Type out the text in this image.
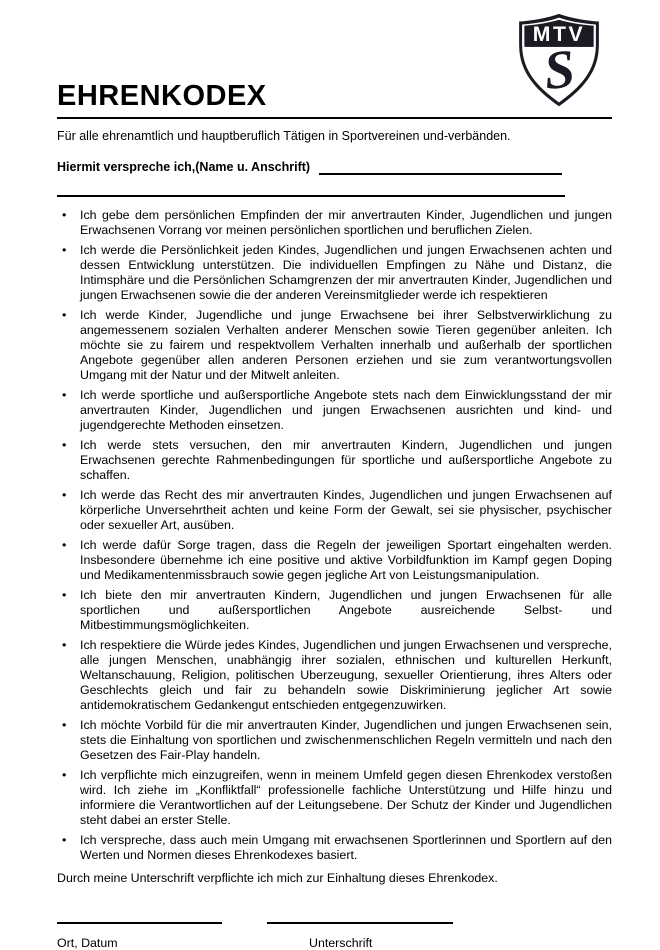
S
MTV
EHRENKODEX

Für alle ehrenamtlich und hauptberuflich Tätigen in Sportvereinen und-verbänden.

Hiermit verspreche ich,(Name u. Anschrift)
• Ich gebe dem persönlichen Empfinden der mir anvertrauten Kinder, Jugendlichen und jungen Erwachsenen Vorrang vor meinen persönlichen sportlichen und beruflichen Zielen.
• Ich werde die Persönlichkeit jeden Kindes, Jugendlichen und jungen Erwachsenen achten und dessen Entwicklung unterstützen. Die individuellen Empfingen zu Nähe und Distanz, die Intimsphäre und die Persönlichen Schamgrenzen der mir anvertrauten Kinder, Jugendlichen und jungen Erwachsenen sowie die der anderen Vereinsmitglieder werde ich respektieren
• Ich werde Kinder, Jugendliche und junge Erwachsene bei ihrer Selbstverwirklichung zu angemessenem sozialen Verhalten anderer Menschen sowie Tieren gegenüber anleiten. Ich möchte sie zu fairem und respektvollem Verhalten innerhalb und außerhalb der sportlichen Angebote gegenüber allen anderen Personen erziehen und sie zum verantwortungsvollen Umgang mit der Natur und der Mitwelt anleiten.
• Ich werde sportliche und außersportliche Angebote stets nach dem Einwicklungsstand der mir anvertrauten Kinder, Jugendlichen und jungen Erwachsenen ausrichten und kind- und jugendgerechte Methoden einsetzen.
• Ich werde stets versuchen, den mir anvertrauten Kindern, Jugendlichen und jungen Erwachsenen gerechte Rahmenbedingungen für sportliche und außersportliche Angebote zu schaffen.
• Ich werde das Recht des mir anvertrauten Kindes, Jugendlichen und jungen Erwachsenen auf körperliche Unversehrtheit achten und keine Form der Gewalt, sei sie physischer, psychischer oder sexueller Art, ausüben.
• Ich werde dafür Sorge tragen, dass die Regeln der jeweiligen Sportart eingehalten werden. Insbesondere übernehme ich eine positive und aktive Vorbildfunktion im Kampf gegen Doping und Medikamentenmissbrauch sowie gegen jegliche Art von Leistungsmanipulation.
• Ich biete den mir anvertrauten Kindern, Jugendlichen und jungen Erwachsenen für alle sportlichen und außersportlichen Angebote ausreichende Selbst- und Mitbestimmungsmöglichkeiten.
• Ich respektiere die Würde jedes Kindes, Jugendlichen und jungen Erwachsenen und verspreche, alle jungen Menschen, unabhängig ihrer sozialen, ethnischen und kulturellen Herkunft, Weltanschauung, Religion, politischen Uberzeugung, sexueller Orientierung, ihres Alters oder Geschlechts gleich und fair zu behandeln sowie Diskriminierung jeglicher Art sowie antidemokratischem Gedankengut entschieden entgegenzuwirken.
• Ich möchte Vorbild für die mir anvertrauten Kinder, Jugendlichen und jungen Erwachsenen sein, stets die Einhaltung von sportlichen und zwischenmenschlichen Regeln vermitteln und nach den Gesetzen des Fair-Play handeln.
• Ich verpflichte mich einzugreifen, wenn in meinem Umfeld gegen diesen Ehrenkodex verstoßen wird. Ich ziehe im „Konfliktfall“ professionelle fachliche Unterstützung und Hilfe hinzu und informiere die Verantwortlichen auf der Leitungsebene. Der Schutz der Kinder und Jugendlichen steht dabei an erster Stelle.
• Ich verspreche, dass auch mein Umgang mit erwachsenen Sportlerinnen und Sportlern auf den Werten und Normen dieses Ehrenkodexes basiert.

Durch meine Unterschrift verpflichte ich mich zur Einhaltung dieses Ehrenkodex.

Ort, Datum	Unterschrift
